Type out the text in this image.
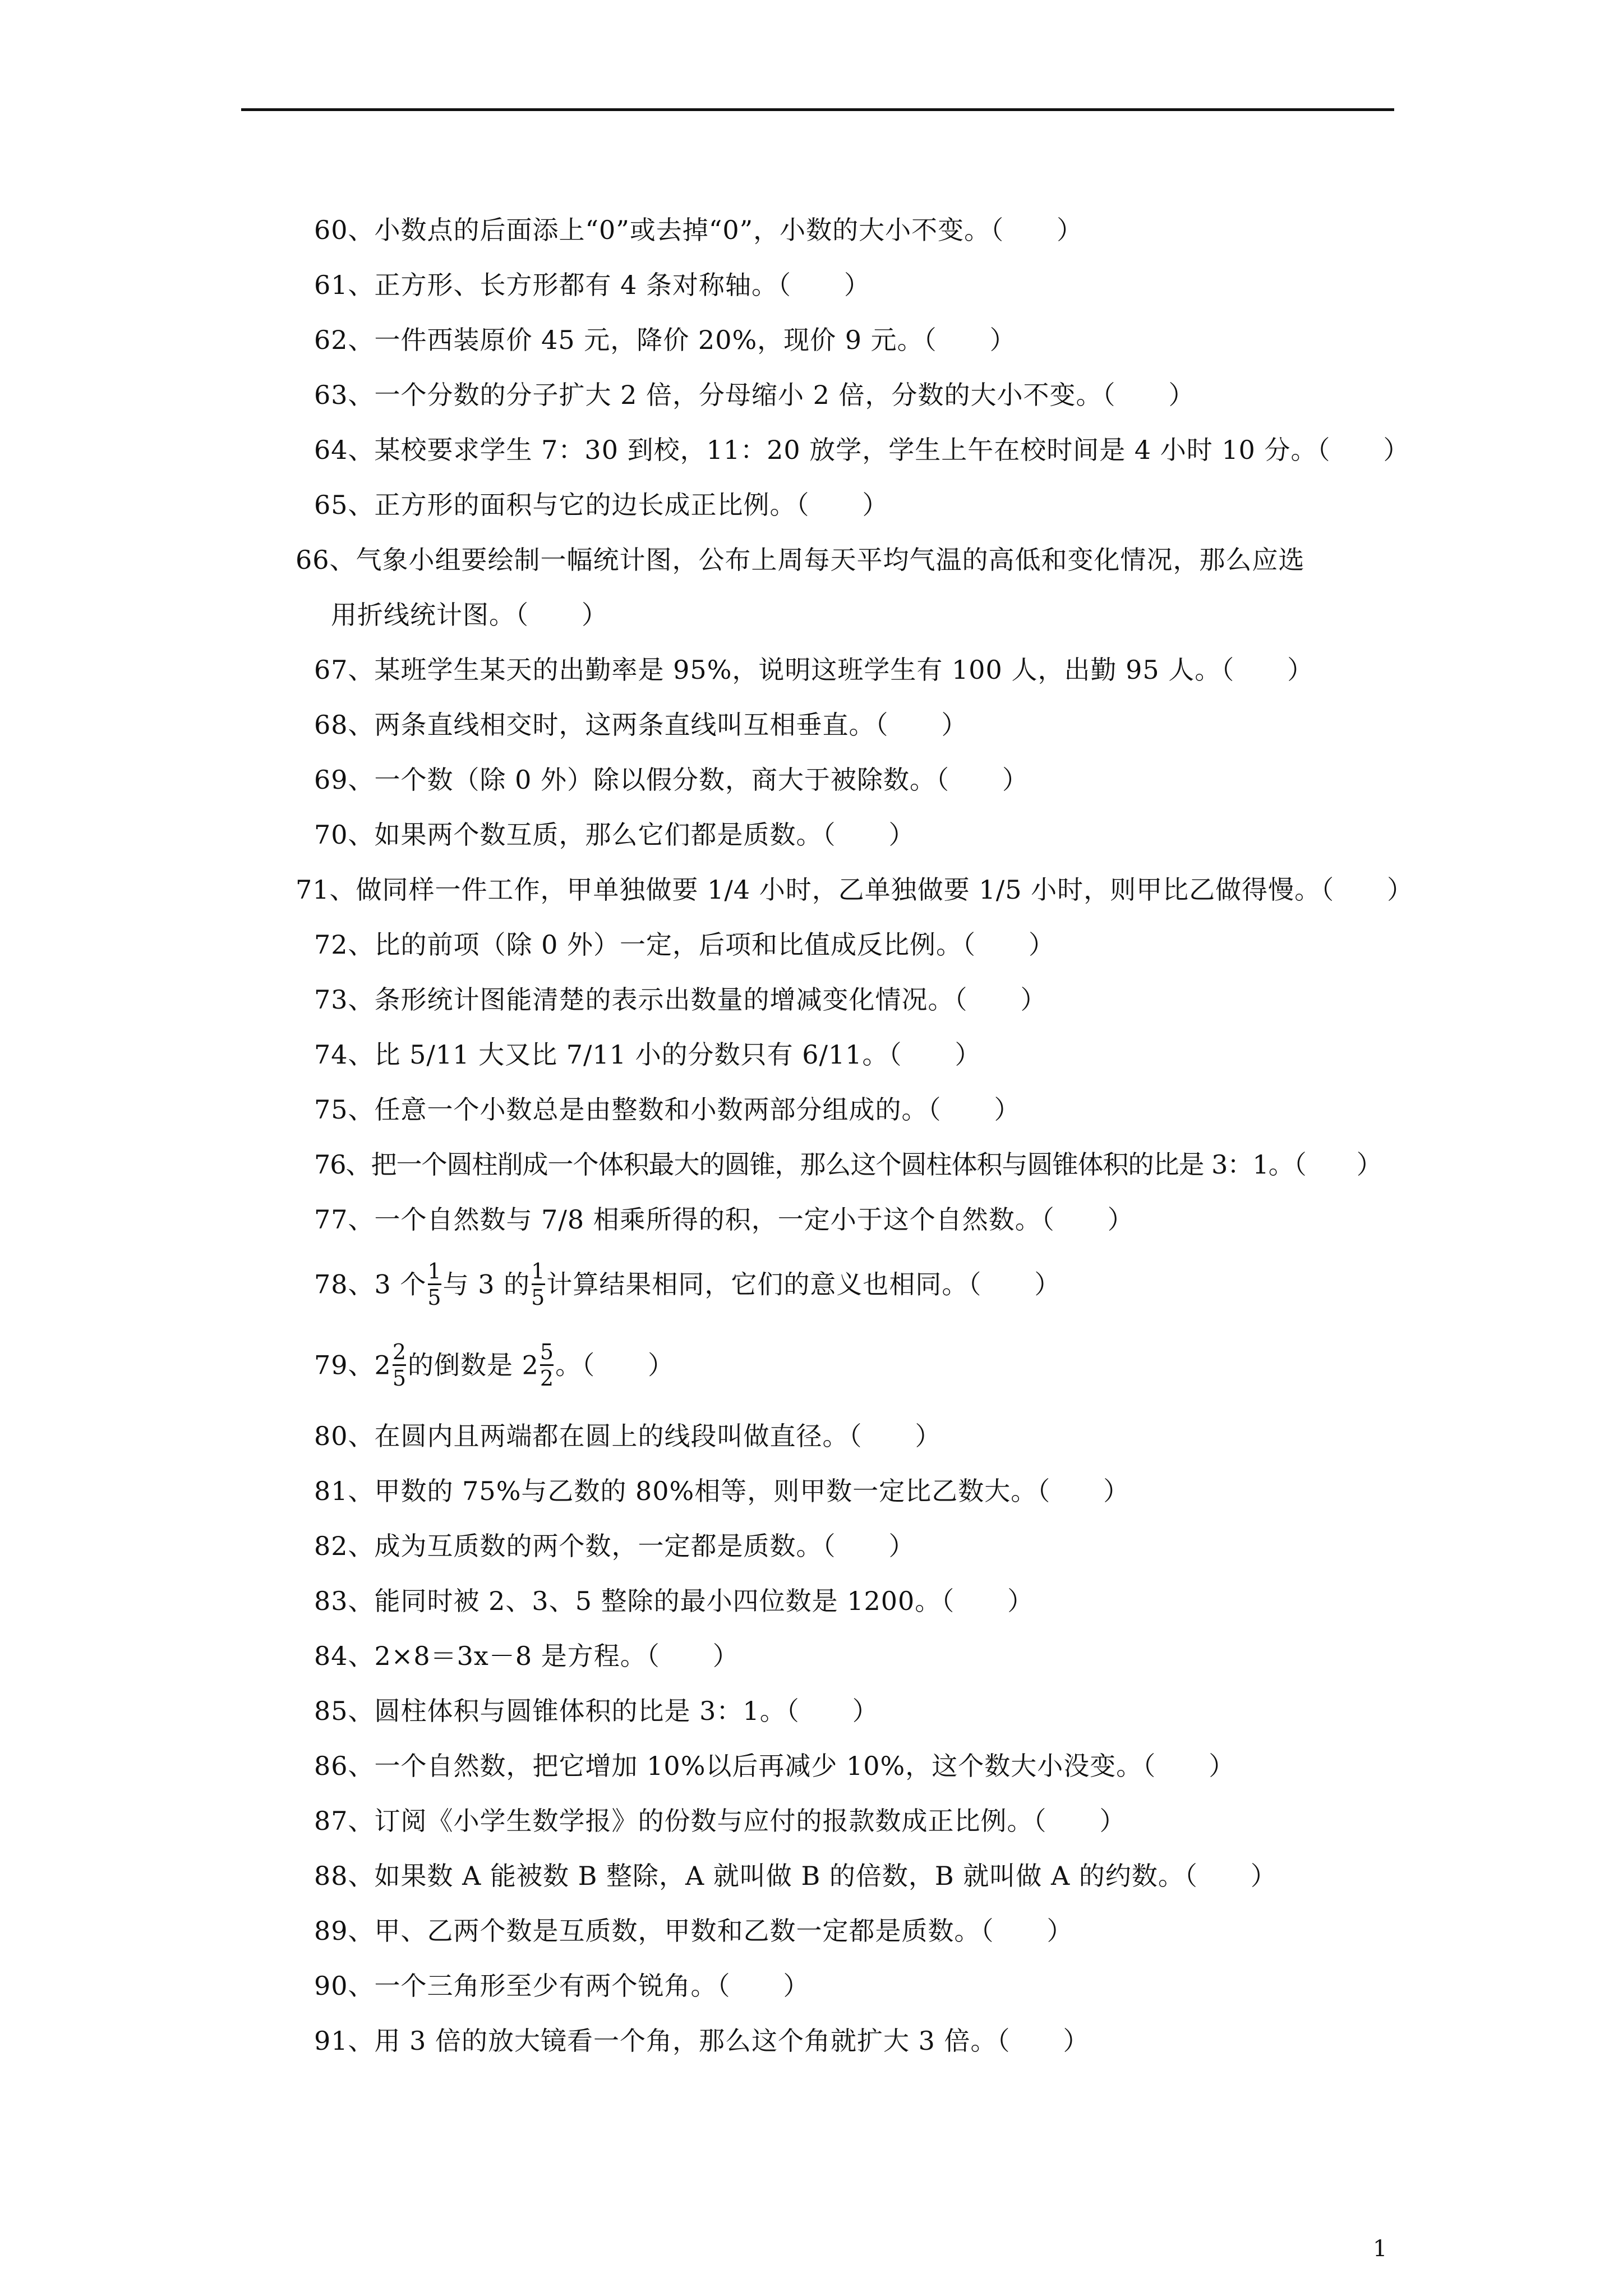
60、小数点的后面添上“0”或去掉“0”，小数的大小不变。（　　）
61、正方形、长方形都有 4 条对称轴。（　　）
62、一件西装原价 45 元，降价 20%，现价 9 元。（　　）
63、一个分数的分子扩大 2 倍，分母缩小 2 倍，分数的大小不变。（　　）
64、某校要求学生 7：30 到校，11：20 放学，学生上午在校时间是 4 小时 10 分。（　　）
65、正方形的面积与它的边长成正比例。（　　）
66、气象小组要绘制一幅统计图，公布上周每天平均气温的高低和变化情况，那么应选
用折线统计图。（　　）
67、某班学生某天的出勤率是 95%，说明这班学生有 100 人，出勤 95 人。（　　）
68、两条直线相交时，这两条直线叫互相垂直。（　　）
69、一个数（除 0 外）除以假分数，商大于被除数。（　　）
70、如果两个数互质，那么它们都是质数。（　　）
71、做同样一件工作，甲单独做要 1/4 小时，乙单独做要 1/5 小时，则甲比乙做得慢。（　　）
72、比的前项（除 0 外）一定，后项和比值成反比例。（　　）
73、条形统计图能清楚的表示出数量的增减变化情况。（　　）
74、比 5/11 大又比 7/11 小的分数只有 6/11。（　　）
75、任意一个小数总是由整数和小数两部分组成的。（　　）
76、把一个圆柱削成一个体积最大的圆锥，那么这个圆柱体积与圆锥体积的比是 3：1。（　　）
77、一个自然数与 7/8 相乘所得的积，一定小于这个自然数。（　　）
78、3 个 $\frac{1}{5}$ 与 3 的 $\frac{1}{5}$ 计算结果相同，它们的意义也相同。（　　）
79、$2 \frac{2}{5}$ 的倒数是 $2 \frac{5}{2}$ 。（　　）
80、在圆内且两端都在圆上的线段叫做直径。（　　）
81、甲数的 75%与乙数的 80%相等，则甲数一定比乙数大。（　　）
82、成为互质数的两个数，一定都是质数。（　　）
83、能同时被 2、3、5 整除的最小四位数是 1200。（　　）
84、2×8＝3x－8 是方程。（　　）
85、圆柱体积与圆锥体积的比是 3：1。（　　）
86、一个自然数，把它增加 10%以后再减少 10%，这个数大小没变。（　　）
87、订阅《小学生数学报》的份数与应付的报款数成正比例。（　　）
88、如果数 A 能被数 B 整除，A 就叫做 B 的倍数，B 就叫做 A 的约数。（　　）
89、甲、乙两个数是互质数，甲数和乙数一定都是质数。（　　）
90、一个三角形至少有两个锐角。（　　）
91、用 3 倍的放大镜看一个角，那么这个角就扩大 3 倍。（　　）
1
